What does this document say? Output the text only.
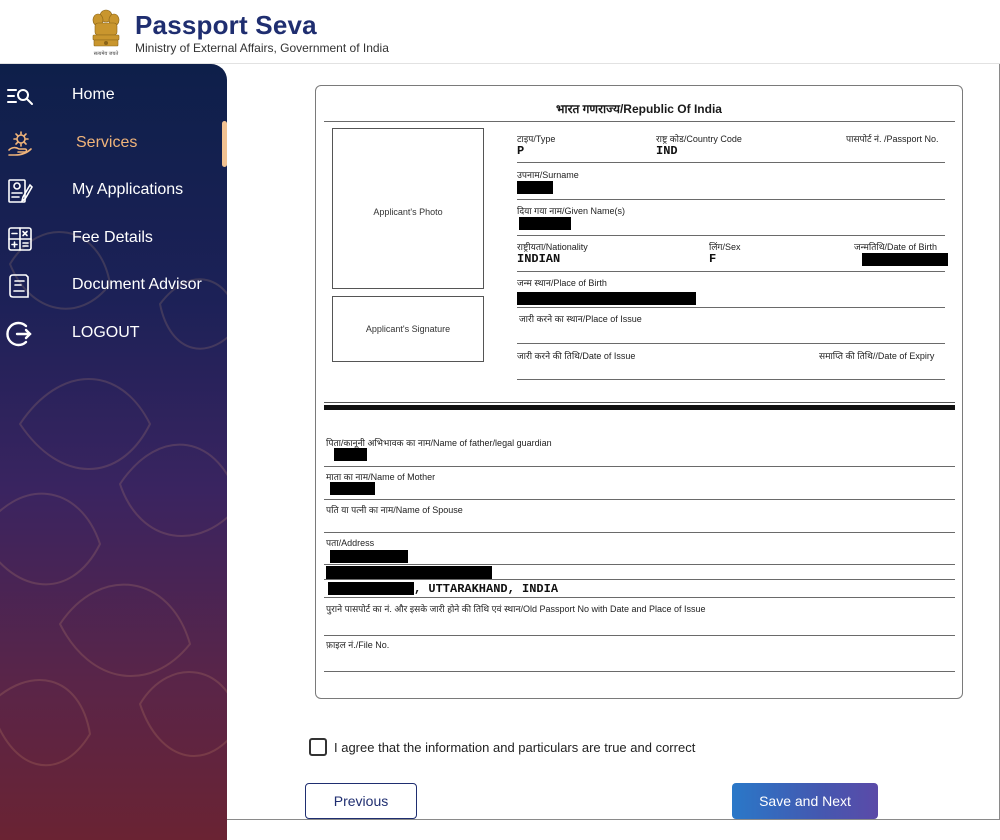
सत्यमेव जयते
Passport Seva
Ministry of External Affairs, Government of India
Home
Services
My Applications
Fee Details
Document Advisor
LOGOUT
भारत गणराज्य/Republic Of India
Applicant's Photo
Applicant's Signature
टाइप/Type
P
राष्ट्र कोड/Country Code
IND
पासपोर्ट नं. /Passport No.
उपनाम/Surname
दिया गया नाम/Given Name(s)
राष्ट्रीयता/Nationality
INDIAN
लिंग/Sex
F
जन्मतिथि/Date of Birth
जन्म स्थान/Place of Birth
जारी करने का स्थान/Place of Issue
जारी करने की तिथि/Date of Issue	समाप्ति की तिथि//Date of Expiry
पिता/कानूनी अभिभावक का नाम/Name of father/legal guardian
माता का नाम/Name of Mother
पति या पत्नी का नाम/Name of Spouse
पता/Address
, UTTARAKHAND, INDIA
पुराने पासपोर्ट का नं. और इसके जारी होने की तिथि एवं स्थान/Old Passport No with Date and Place of Issue
फ़ाइल नं./File No.
I agree that the information and particulars are true and correct
Previous	Save and Next
